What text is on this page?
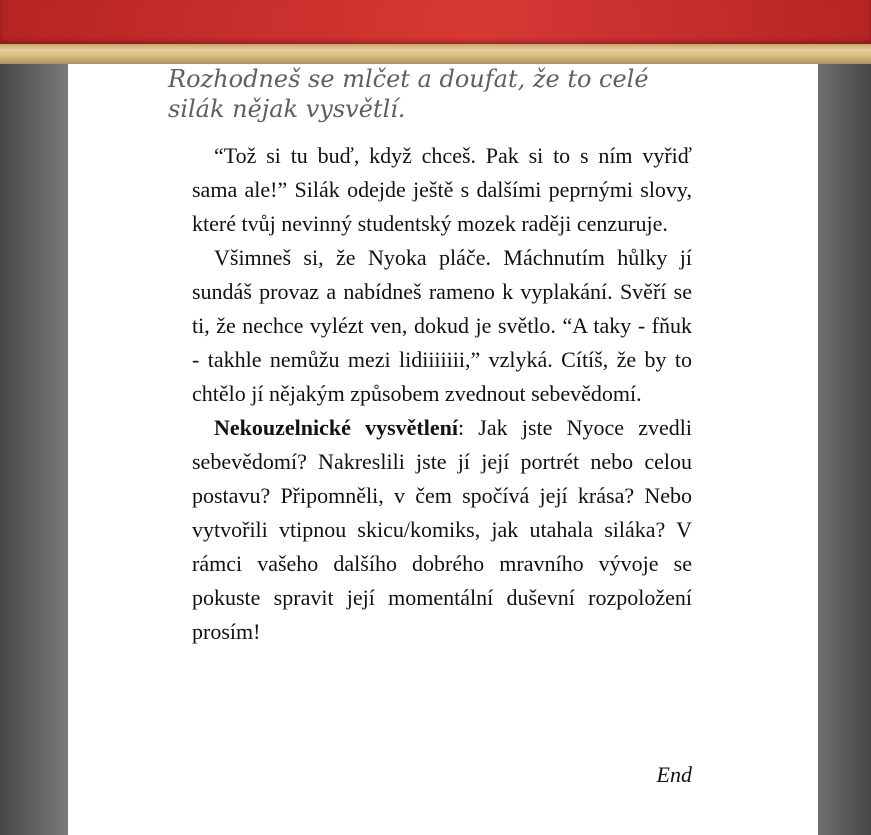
Rozhodneš se mlčet a doufat, že to celé silák nějak vysvětlí.

“Tož si tu buď, když chceš. Pak si to s ním vyřiď sama ale!” Silák odejde ještě s dalšími peprnými slovy, které tvůj nevinný studentský mozek raději cenzuruje.

Všimneš si, že Nyoka pláče. Máchnutím hůlky jí sundáš provaz a nabídneš rameno k vyplakání. Svěří se ti, že nechce vylézt ven, dokud je světlo. “A taky - fňuk - takhle nemůžu mezi lidiiiiiii,” vzlyká. Cítíš, že by to chtělo jí nějakým způsobem zvednout sebevědomí.

Nekouzelnické vysvětlení: Jak jste Nyoce zvedli sebevědomí? Nakreslili jste jí její portrét nebo celou postavu? Připomněli, v čem spočívá její krása? Nebo vytvořili vtipnou skicu/komiks, jak utahala siláka? V rámci vašeho dalšího dobrého mravního vývoje se pokuste spravit její momentální duševní rozpoložení prosím!

End
